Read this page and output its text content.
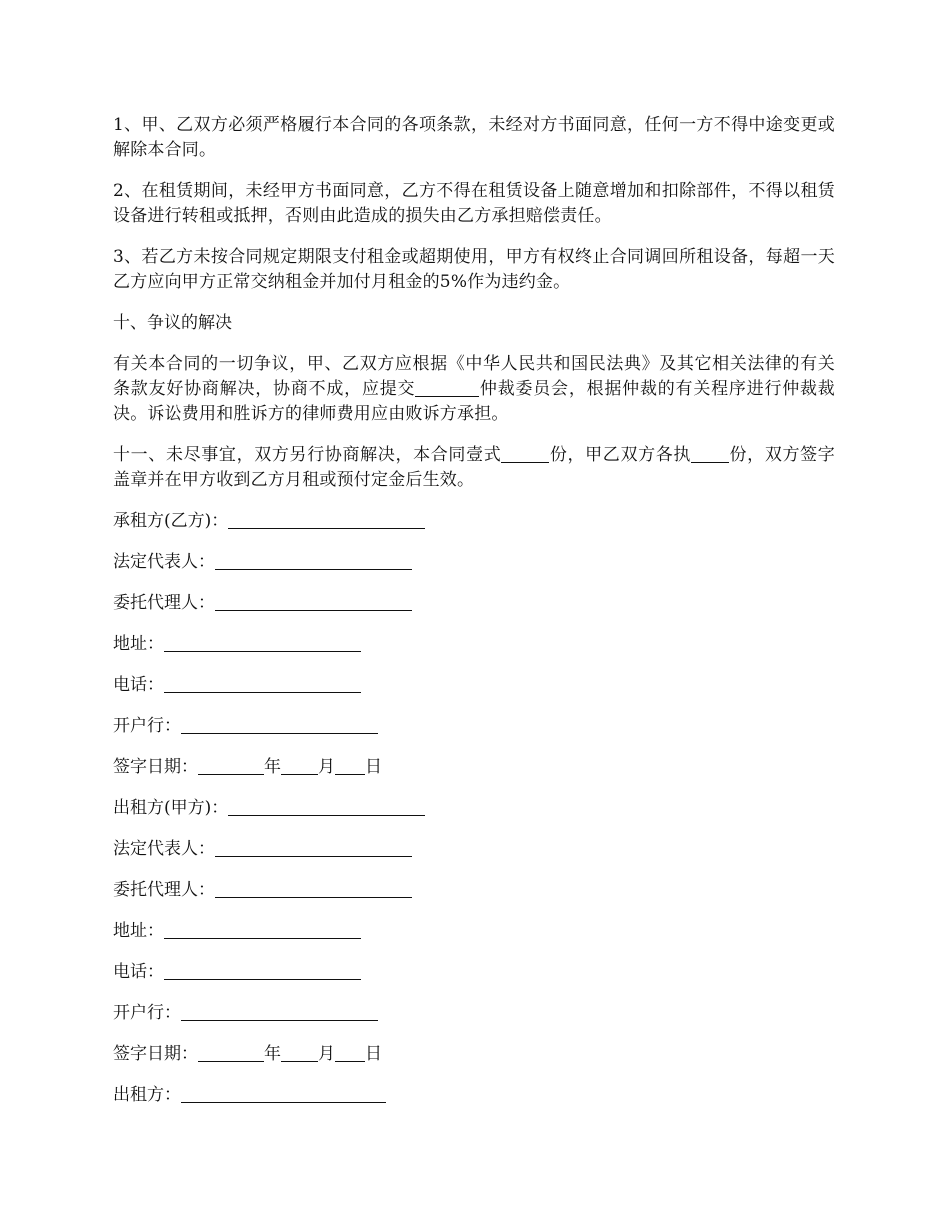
1、甲、乙双方必须严格履行本合同的各项条款，未经对方书面同意，任何一方不得中途变更或解除本合同。

2、在租赁期间，未经甲方书面同意，乙方不得在租赁设备上随意增加和扣除部件，不得以租赁设备进行转租或抵押，否则由此造成的损失由乙方承担赔偿责任。

3、若乙方未按合同规定期限支付租金或超期使用，甲方有权终止合同调回所租设备，每超一天乙方应向甲方正常交纳租金并加付月租金的5%作为违约金。

十、争议的解决

有关本合同的一切争议，甲、乙双方应根据《中华人民共和国民法典》及其它相关法律的有关条款友好协商解决，协商不成，应提交	仲裁委员会，根据仲裁的有关程序进行仲裁裁决。诉讼费用和胜诉方的律师费用应由败诉方承担。

十一、未尽事宜，双方另行协商解决，本合同壹式	份，甲乙双方各执 份，双方签字盖章并在甲方收到乙方月租或预付定金后生效。

承租方(乙方)：
法定代表人：
委托代理人：
地址：
电话：
开户行：
签字日期：	年 月 日
出租方(甲方)：
法定代表人：
委托代理人：
地址：
电话：
开户行：
签字日期：	年 月 日
出租方：
